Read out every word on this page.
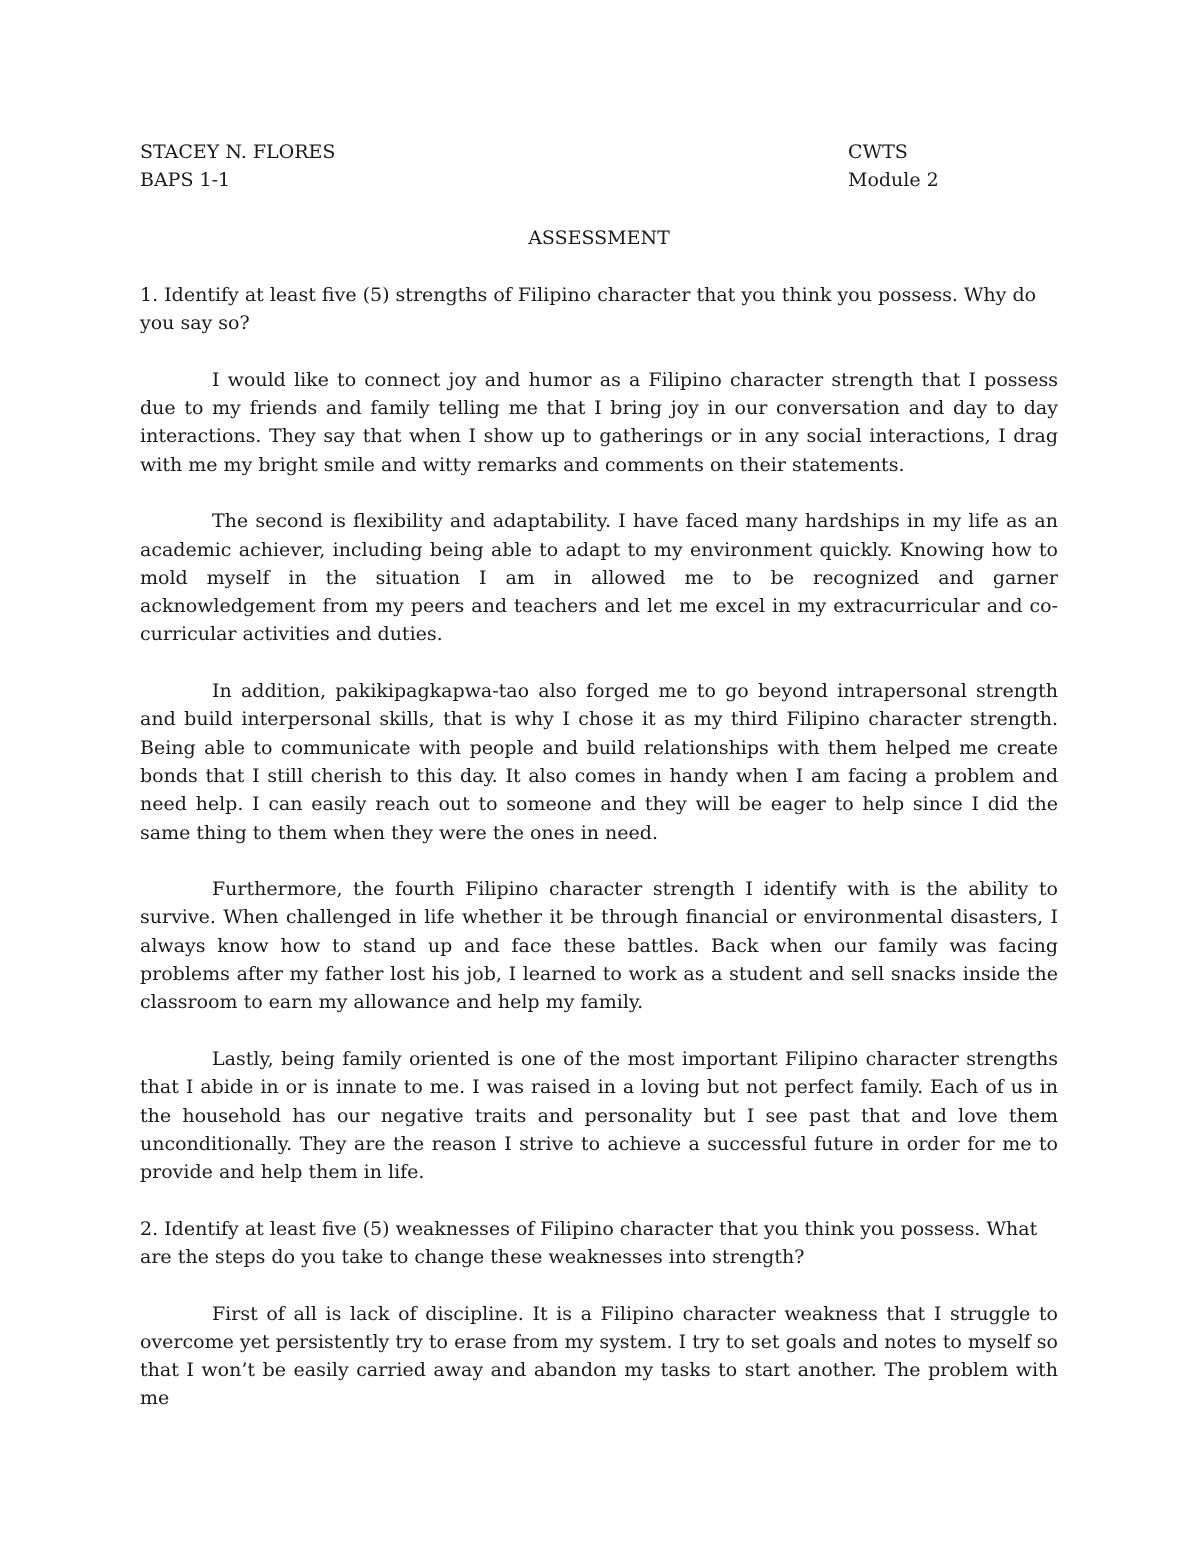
STACEY N. FLORES	CWTS
BAPS 1-1	Module 2
ASSESSMENT
1. Identify at least five (5) strengths of Filipino character that you think you possess. Why do you say so?

I would like to connect joy and humor as a Filipino character strength that I possess due to my friends and family telling me that I bring joy in our conversation and day to day interactions. They say that when I show up to gatherings or in any social interactions, I drag with me my bright smile and witty remarks and comments on their statements.

The second is flexibility and adaptability. I have faced many hardships in my life as an academic achiever, including being able to adapt to my environment quickly. Knowing how to mold myself in the situation I am in allowed me to be recognized and garner acknowledgement from my peers and teachers and let me excel in my extracurricular and co-curricular activities and duties.

In addition, pakikipagkapwa-tao also forged me to go beyond intrapersonal strength and build interpersonal skills, that is why I chose it as my third Filipino character strength. Being able to communicate with people and build relationships with them helped me create bonds that I still cherish to this day. It also comes in handy when I am facing a problem and need help. I can easily reach out to someone and they will be eager to help since I did the same thing to them when they were the ones in need.

Furthermore, the fourth Filipino character strength I identify with is the ability to survive. When challenged in life whether it be through financial or environmental disasters, I always know how to stand up and face these battles. Back when our family was facing problems after my father lost his job, I learned to work as a student and sell snacks inside the classroom to earn my allowance and help my family.

Lastly, being family oriented is one of the most important Filipino character strengths that I abide in or is innate to me. I was raised in a loving but not perfect family. Each of us in the household has our negative traits and personality but I see past that and love them unconditionally. They are the reason I strive to achieve a successful future in order for me to provide and help them in life.

2. Identify at least five (5) weaknesses of Filipino character that you think you possess. What are the steps do you take to change these weaknesses into strength?

First of all is lack of discipline. It is a Filipino character weakness that I struggle to overcome yet persistently try to erase from my system. I try to set goals and notes to myself so that I won’t be easily carried away and abandon my tasks to start another. The problem with me
